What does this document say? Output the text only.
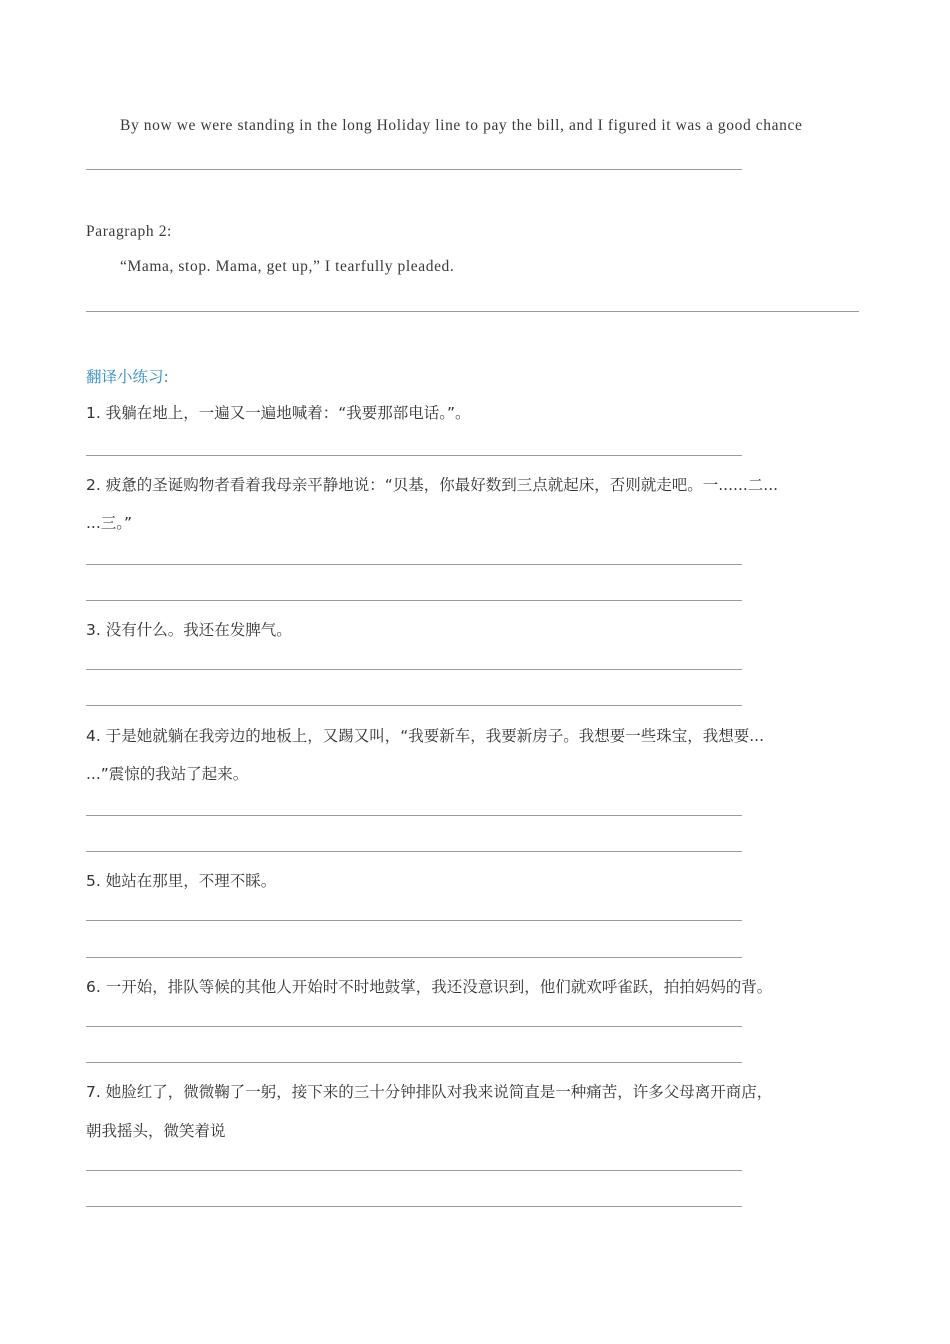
By now we were standing in the long Holiday line to pay the bill, and I figured it was a good chance
Paragraph 2:
“Mama, stop. Mama, get up,” I tearfully pleaded.
翻译小练习:
1. 我躺在地上，一遍又一遍地喊着：“我要那部电话。”。
2. 疲惫的圣诞购物者看着我母亲平静地说：“贝基，你最好数到三点就起床，否则就走吧。一......二...
...三。”
3. 没有什么。我还在发脾气。
4. 于是她就躺在我旁边的地板上，又踢又叫，“我要新车，我要新房子。我想要一些珠宝，我想要...
...”震惊的我站了起来。
5. 她站在那里，不理不睬。
6. 一开始，排队等候的其他人开始时不时地鼓掌，我还没意识到，他们就欢呼雀跃，拍拍妈妈的背。
7. 她脸红了，微微鞠了一躬，接下来的三十分钟排队对我来说简直是一种痛苦，许多父母离开商店，
朝我摇头，微笑着说
